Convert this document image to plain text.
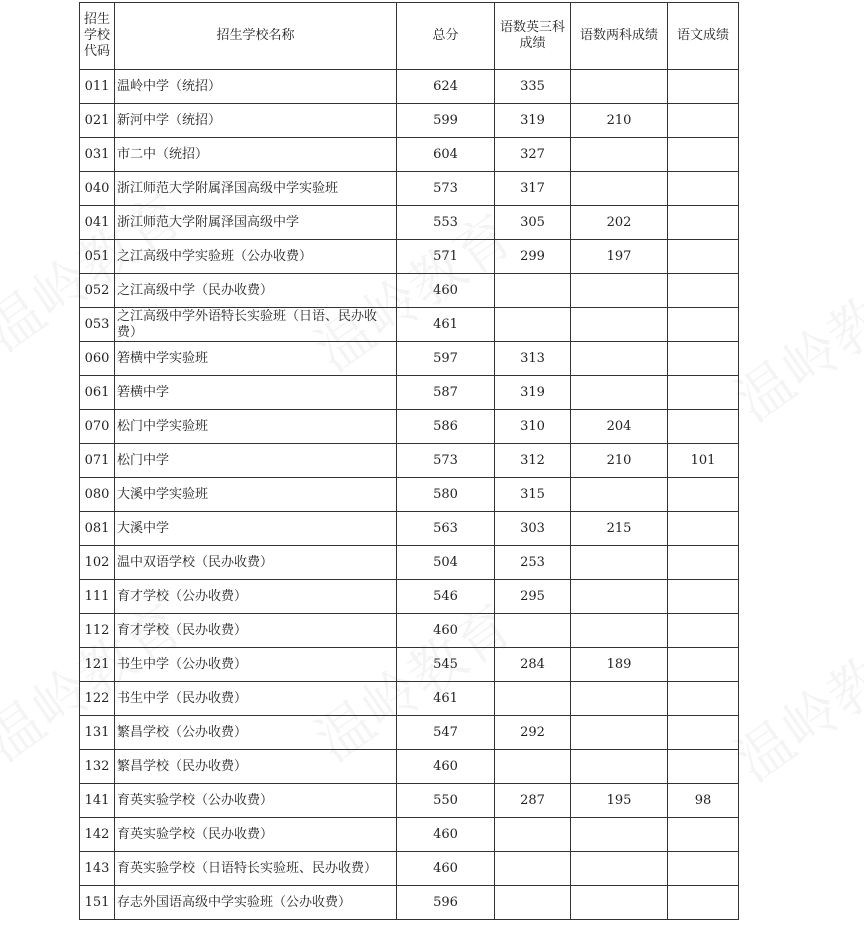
招生学校代码	招生学校名称	总分	语数英三科成绩	语数两科成绩	语文成绩
011	温岭中学（统招）	624	335		
021	新河中学（统招）	599	319	210	
031	市二中（统招）	604	327		
040	浙江师范大学附属泽国高级中学实验班	573	317		
041	浙江师范大学附属泽国高级中学	553	305	202	
051	之江高级中学实验班（公办收费）	571	299	197	
052	之江高级中学（民办收费）	460			
053	之江高级中学外语特长实验班（日语、民办收费）	461			
060	箬横中学实验班	597	313		
061	箬横中学	587	319		
070	松门中学实验班	586	310	204	
071	松门中学	573	312	210	101
080	大溪中学实验班	580	315		
081	大溪中学	563	303	215	
102	温中双语学校（民办收费）	504	253		
111	育才学校（公办收费）	546	295		
112	育才学校（民办收费）	460			
121	书生中学（公办收费）	545	284	189	
122	书生中学（民办收费）	461			
131	繁昌学校（公办收费）	547	292		
132	繁昌学校（民办收费）	460			
141	育英实验学校（公办收费）	550	287	195	98
142	育英实验学校（民办收费）	460			
143	育英实验学校（日语特长实验班、民办收费）	460			
151	存志外国语高级中学实验班（公办收费）	596			
